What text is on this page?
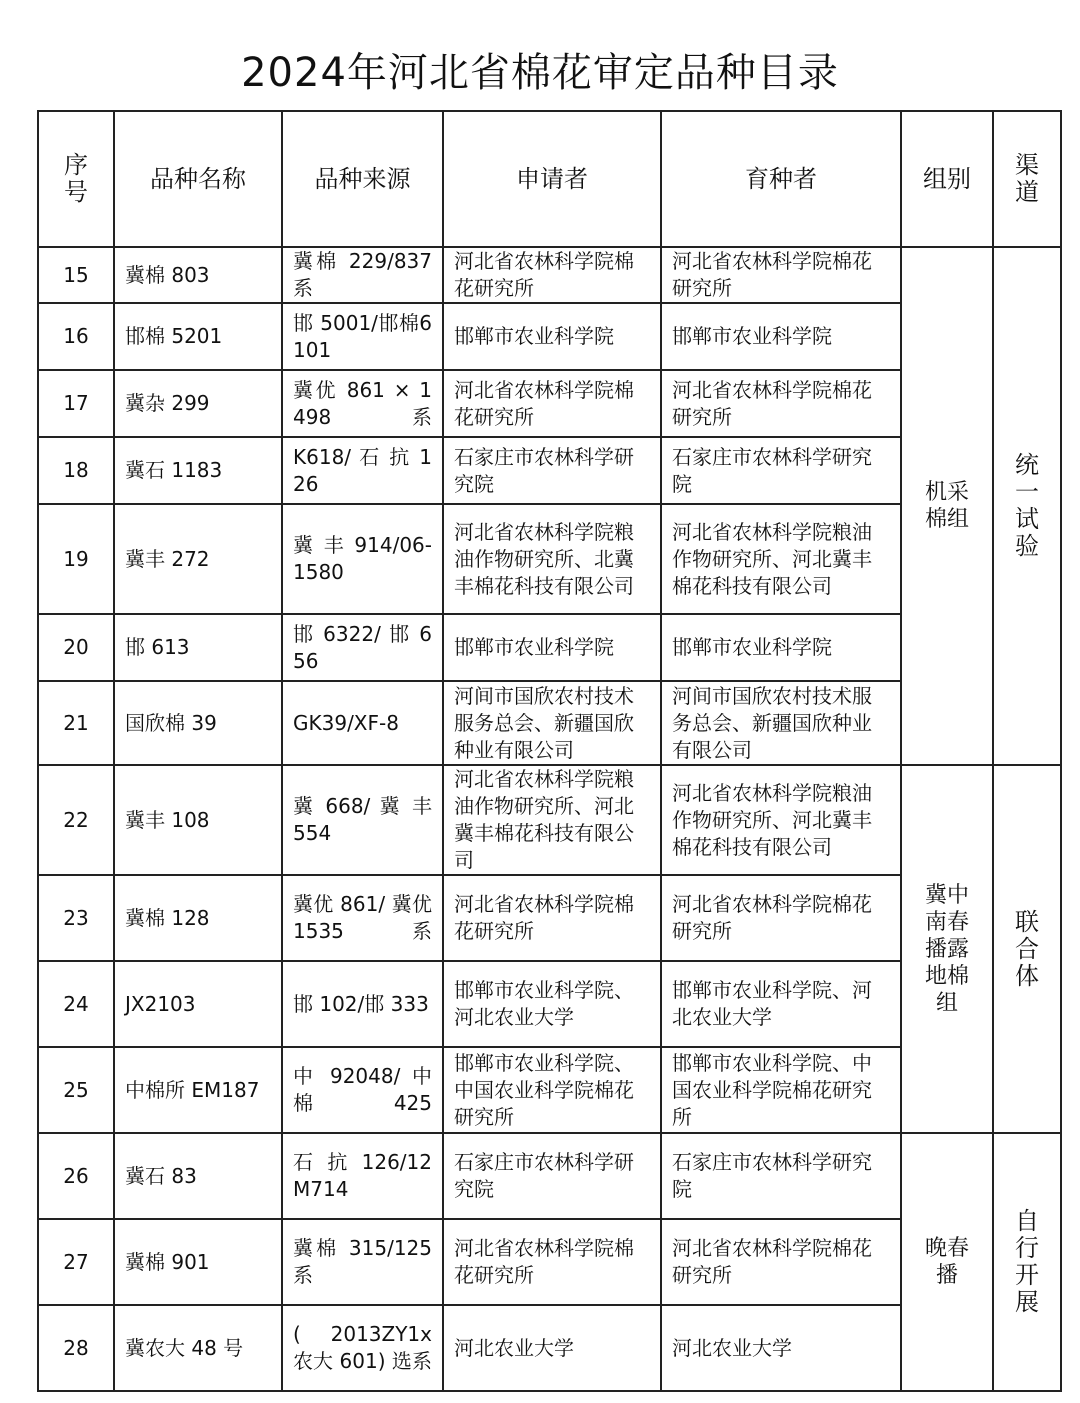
2024年河北省棉花审定品种目录
序号	品种名称	品种来源	申请者	育种者	组别	渠道
15	冀棉 803	冀棉 229/837系	河北省农林科学院棉花研究所	河北省农林科学院棉花研究所	机采棉组	统一试验
16	邯棉 5201	邯 5001/邯棉6101	邯郸市农业科学院	邯郸市农业科学院		
17	冀杂 299	冀优 861 × 1498系	河北省农林科学院棉花研究所	河北省农林科学院棉花研究所		
18	冀石 1183	K618/ 石 抗 126	石家庄市农林科学研究院	石家庄市农林科学研究院		
19	冀丰 272	冀 丰 914/06-1580	河北省农林科学院粮油作物研究所、北冀丰棉花科技有限公司	河北省农林科学院粮油作物研究所、河北冀丰棉花科技有限公司		
20	邯 613	邯 6322/ 邯 656	邯郸市农业科学院	邯郸市农业科学院		
21	国欣棉 39	GK39/XF-8	河间市国欣农村技术服务总会、新疆国欣种业有限公司	河间市国欣农村技术服务总会、新疆国欣种业有限公司		
22	冀丰 108	冀 668/ 冀 丰 554	河北省农林科学院粮油作物研究所、河北冀丰棉花科技有限公司	河北省农林科学院粮油作物研究所、河北冀丰棉花科技有限公司	冀中南春播露地棉组	联合体
23	冀棉 128	冀优 861/ 冀优 1535系	河北省农林科学院棉花研究所	河北省农林科学院棉花研究所		
24	JX2103	邯 102/邯 333	邯郸市农业科学院、河北农业大学	邯郸市农业科学院、河北农业大学		
25	中棉所 EM187	中 92048/ 中棉 425	邯郸市农业科学院、中国农业科学院棉花研究所	邯郸市农业科学院、中国农业科学院棉花研究所		
26	冀石 83	石 抗 126/12M714	石家庄市农林科学研究院	石家庄市农林科学研究院	晚春播	自行开展
27	冀棉 901	冀棉 315/125系	河北省农林科学院棉花研究所	河北省农林科学院棉花研究所		
28	冀农大 48 号	( 2013ZY1x 农大 601) 选系	河北农业大学	河北农业大学		
